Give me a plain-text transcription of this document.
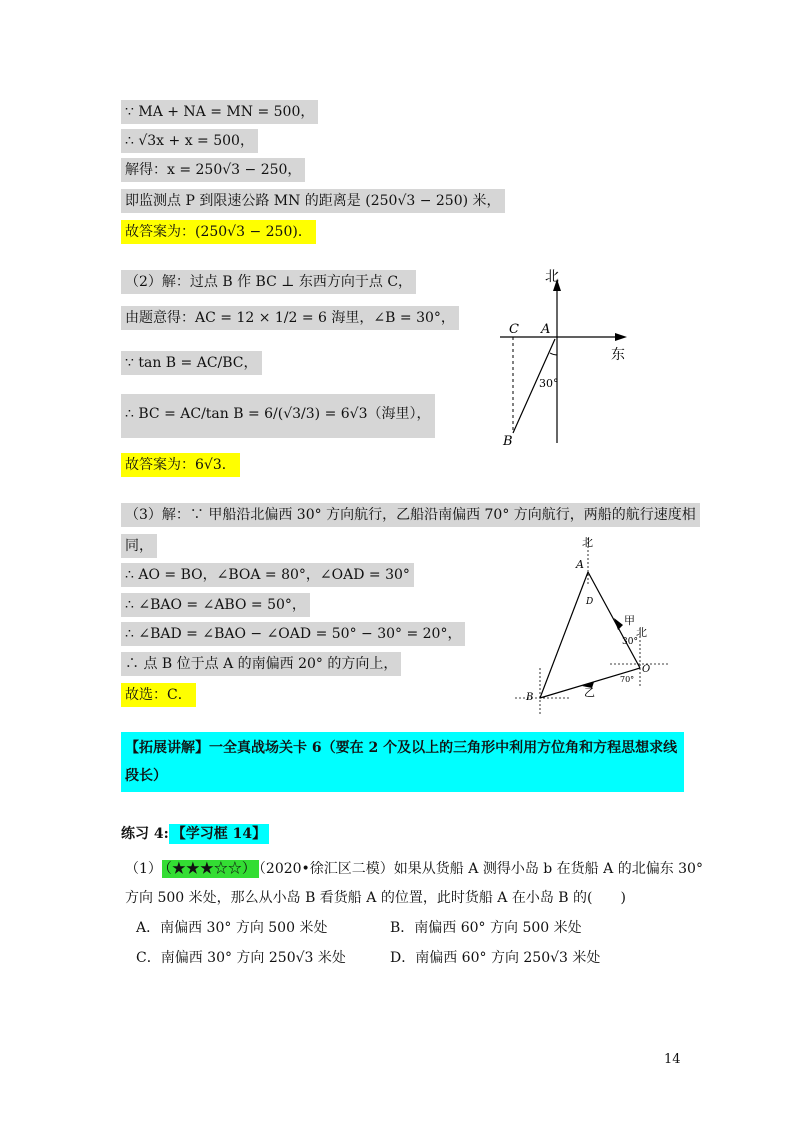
∵ MA + NA = MN = 500，
∴ √3x + x = 500，
解得：x = 250√3 − 250，
即监测点 P 到限速公路 MN 的距离是 (250√3 − 250) 米，
故答案为：(250√3 − 250)．
（2）解：过点 B 作 BC ⊥ 东西方向于点 C，
由题意得：AC = 12 × 1/2 = 6 海里，∠B = 30°，
∵ tan B = AC/BC，
∴ BC = AC/tan B = 6/(√3/3) = 6√3（海里），
故答案为：6√3．
北
东
C A
30°
B
（3）解：∵ 甲船沿北偏西 30° 方向航行，乙船沿南偏西 70° 方向航行，两船的航行速度相
同，
∴ AO = BO，∠BOA = 80°，∠OAD = 30°
∴ ∠BAO = ∠ABO = 50°，
∴ ∠BAD = ∠BAO − ∠OAD = 50° − 30° = 20°，
∴ 点 B 位于点 A 的南偏西 20° 的方向上，
故选：C．
北
A
D
甲
30°
北
O
70°
乙
B
【拓展讲解】一全真战场关卡 6（要在 2 个及以上的三角形中利用方位角和方程思想求线段长）
练习 4: 【学习框 14】
（1） （★★★☆☆） （2020•徐汇区二模）如果从货船 A 测得小岛 b 在货船 A 的北偏东 30°
方向 500 米处，那么从小岛 B 看货船 A 的位置，此时货船 A 在小岛 B 的(　　)
A．南偏西 30° 方向 500 米处	B．南偏西 60° 方向 500 米处
C．南偏西 30° 方向 250√3 米处	D．南偏西 60° 方向 250√3 米处
14
